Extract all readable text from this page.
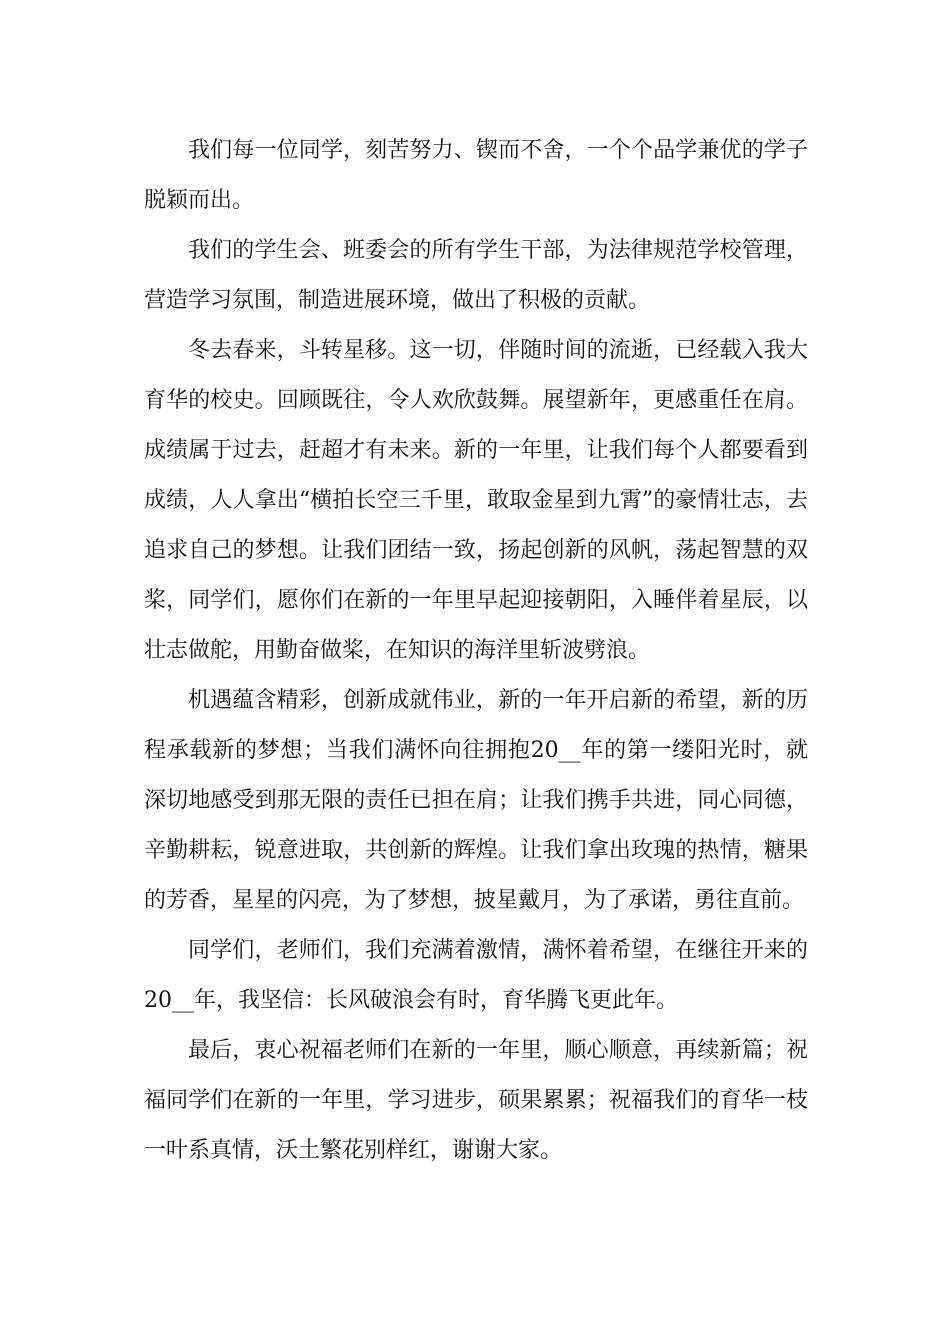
我们每一位同学，刻苦努力、锲而不舍，一个个品学兼优的学子脱颖而出。

我们的学生会、班委会的所有学生干部，为法律规范学校管理，营造学习氛围，制造进展环境，做出了积极的贡献。

冬去春来，斗转星移。这一切，伴随时间的流逝，已经载入我大育华的校史。回顾既往，令人欢欣鼓舞。展望新年，更感重任在肩。成绩属于过去，赶超才有未来。新的一年里，让我们每个人都要看到成绩，人人拿出“横拍长空三千里，敢取金星到九霄”的豪情壮志，去追求自己的梦想。让我们团结一致，扬起创新的风帆，荡起智慧的双桨，同学们，愿你们在新的一年里早起迎接朝阳，入睡伴着星辰，以壮志做舵，用勤奋做桨，在知识的海洋里斩波劈浪。

机遇蕴含精彩，创新成就伟业，新的一年开启新的希望，新的历程承载新的梦想；当我们满怀向往拥抱20__年的第一缕阳光时，就深切地感受到那无限的责任已担在肩；让我们携手共进，同心同德，辛勤耕耘，锐意进取，共创新的辉煌。让我们拿出玫瑰的热情，糖果的芳香，星星的闪亮，为了梦想，披星戴月，为了承诺，勇往直前。

同学们，老师们，我们充满着激情，满怀着希望，在继往开来的20__年，我坚信：长风破浪会有时，育华腾飞更此年。

最后，衷心祝福老师们在新的一年里，顺心顺意，再续新篇；祝福同学们在新的一年里，学习进步，硕果累累；祝福我们的育华一枝一叶系真情，沃土繁花别样红，谢谢大家。
